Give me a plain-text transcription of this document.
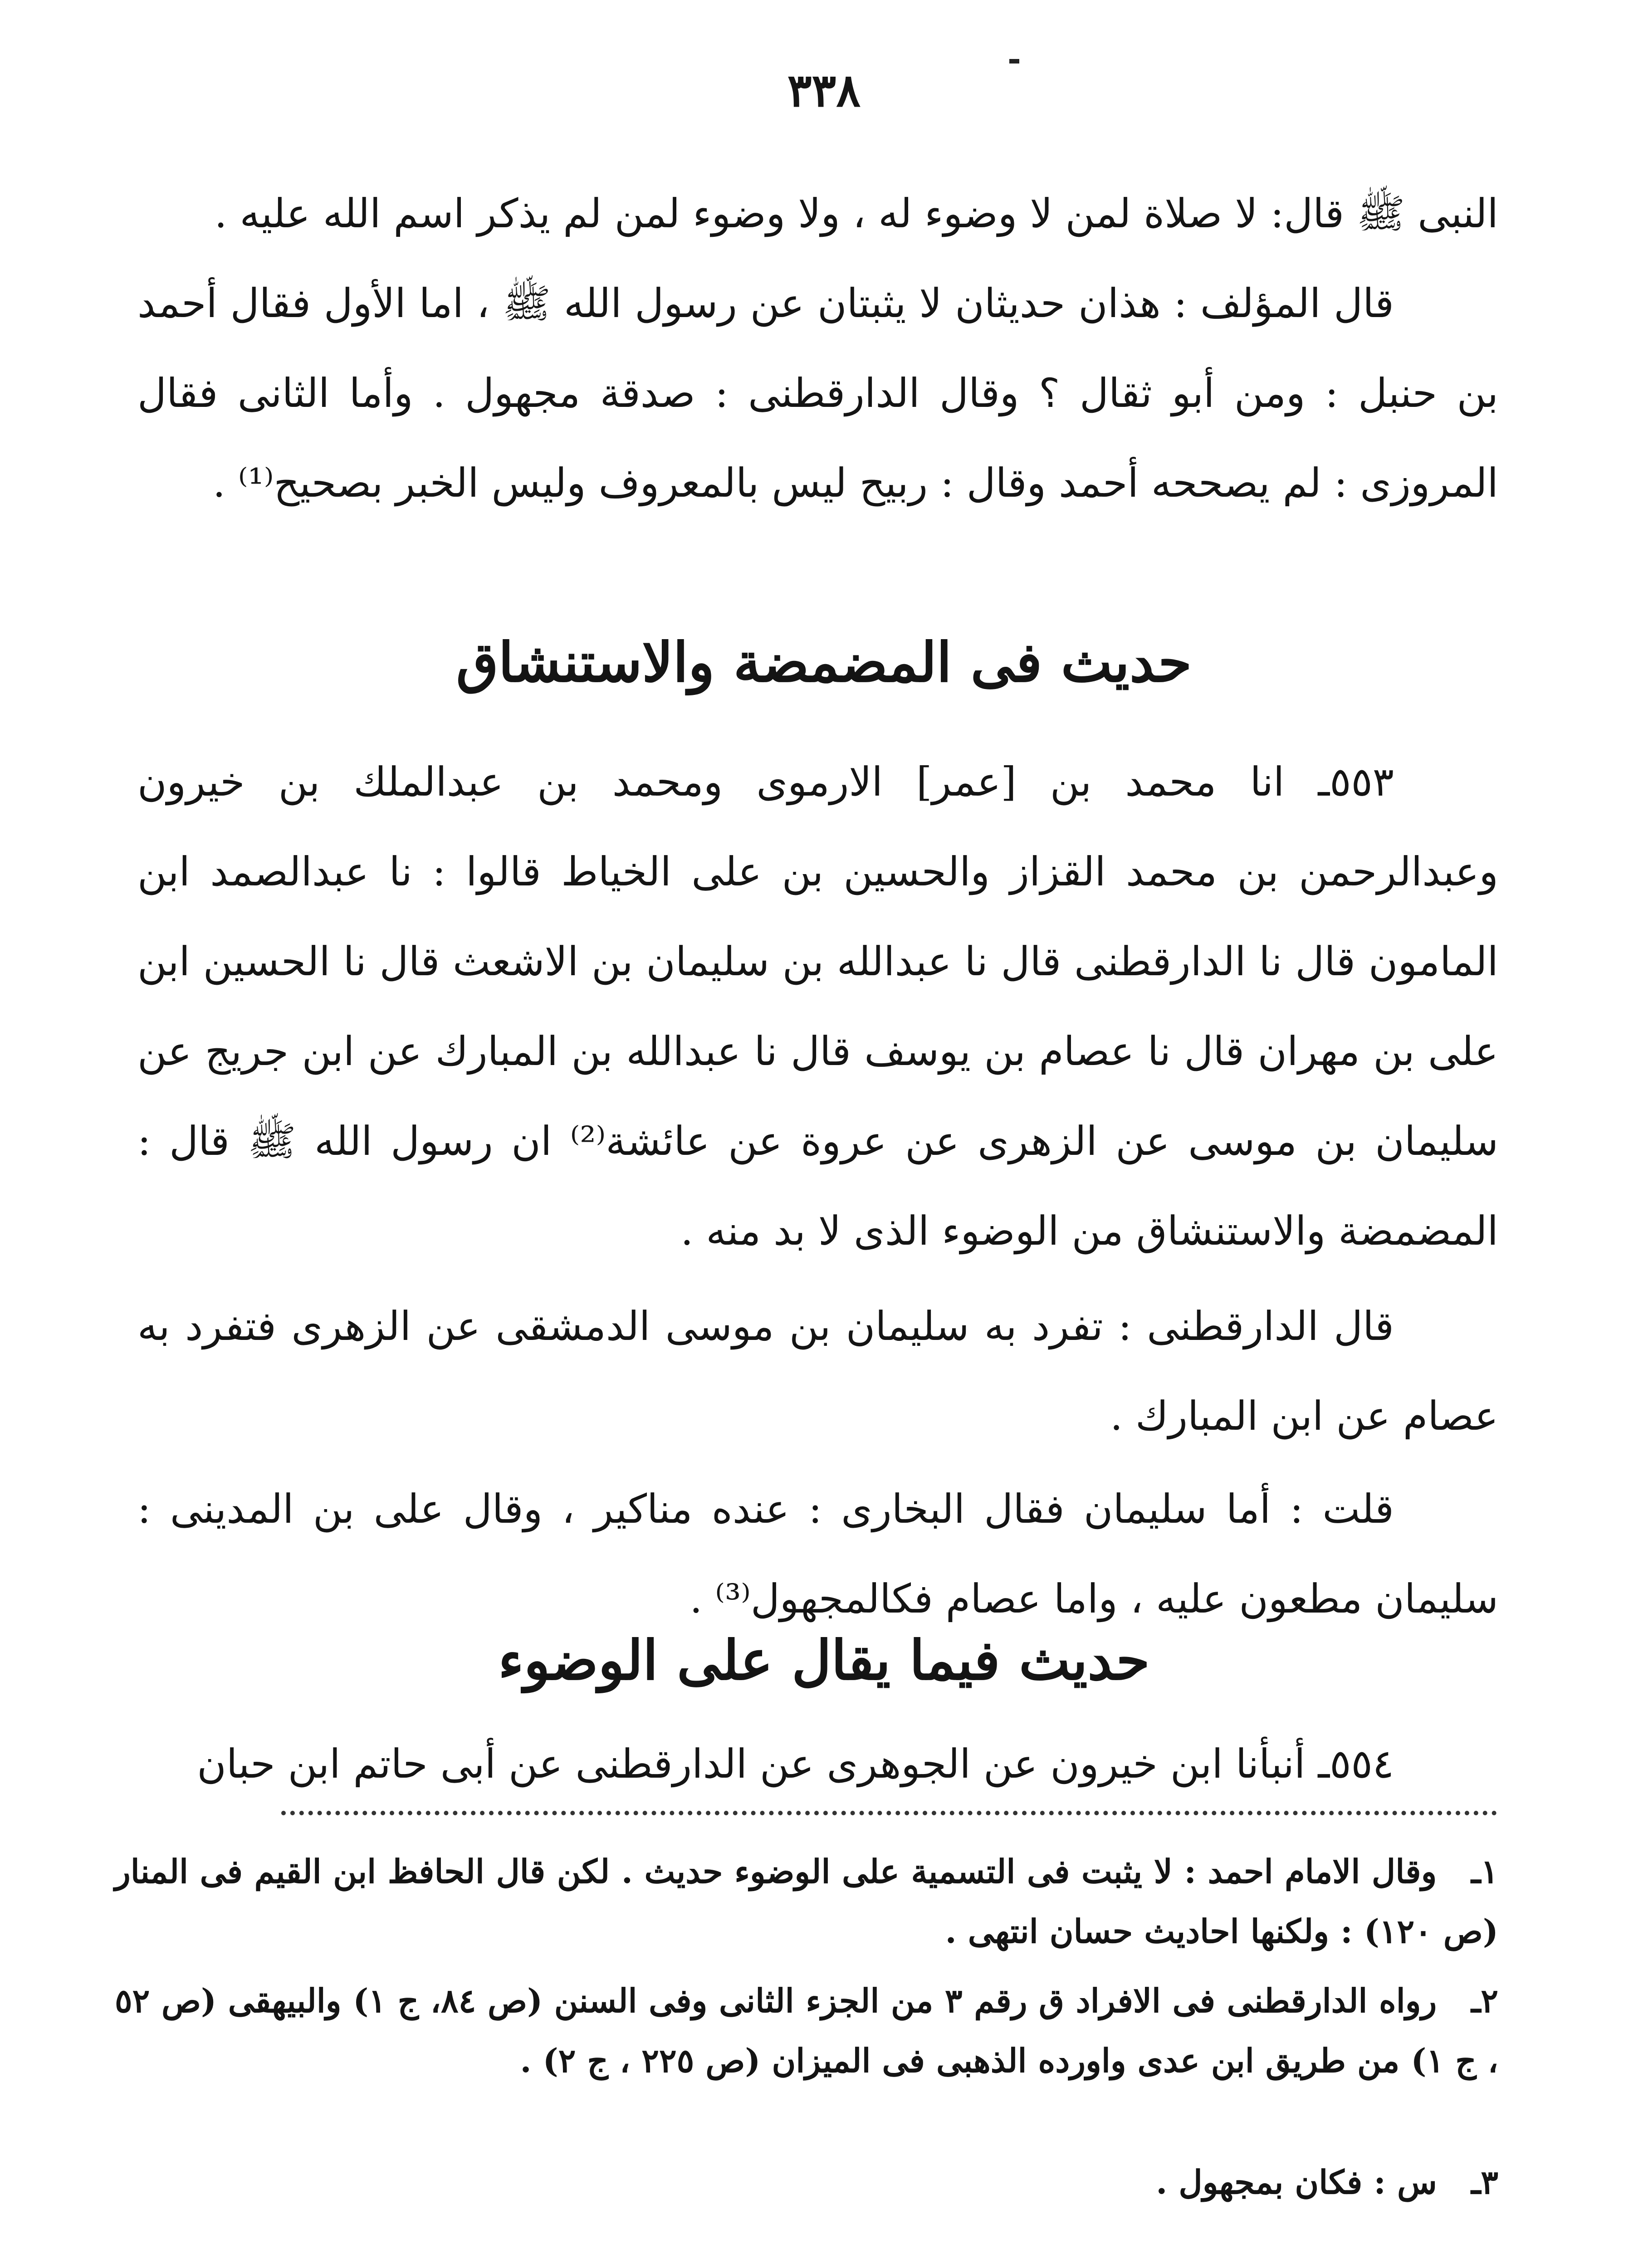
٣٣٨

النبى ﷺ قال: لا صلاة لمن لا وضوء له ، ولا وضوء لمن لم يذكر اسم الله عليه .

قال المؤلف : هذان حديثان لا يثبتان عن رسول الله ﷺ ، اما الأول فقال أحمد بن حنبل : ومن أبو ثقال ؟ وقال الدارقطنى : صدقة مجهول . وأما الثانى فقال المروزى : لم يصححه أحمد وقال : ربيح ليس بالمعروف وليس الخبر بصحيح⁽¹⁾ .

حديث فى المضمضة والاستنشاق

٥٥٣ـ انا محمد بن [عمر] الارموى ومحمد بن عبدالملك بن خيرون وعبدالرحمن بن محمد القزاز والحسين بن على الخياط قالوا : نا عبدالصمد ابن المامون قال نا الدارقطنى قال نا عبدالله بن سليمان بن الاشعث قال نا الحسين ابن على بن مهران قال نا عصام بن يوسف قال نا عبدالله بن المبارك عن ابن جريج عن سليمان بن موسى عن الزهرى عن عروة عن عائشة⁽²⁾ ان رسول الله ﷺ قال : المضمضة والاستنشاق من الوضوء الذى لا بد منه .

قال الدارقطنى : تفرد به سليمان بن موسى الدمشقى عن الزهرى فتفرد به عصام عن ابن المبارك .

قلت : أما سليمان فقال البخارى : عنده مناكير ، وقال على بن المدينى : سليمان مطعون عليه ، واما عصام فكالمجهول⁽³⁾ .

حديث فيما يقال على الوضوء

٥٥٤ـ أنبأنا ابن خيرون عن الجوهرى عن الدارقطنى عن أبى حاتم ابن حبان

١ـ وقال الامام احمد : لا يثبت فى التسمية على الوضوء حديث . لكن قال الحافظ ابن القيم فى المنار (ص ١٢٠) : ولكنها احاديث حسان انتهى .

٢ـ رواه الدارقطنى فى الافراد ق رقم ٣ من الجزء الثانى وفى السنن (ص ٨٤، ج ١) والبيهقى (ص ٥٢ ، ج ١) من طريق ابن عدى واورده الذهبى فى الميزان (ص ٢٢٥ ، ج ٢) .

٣ـ س : فكان بمجهول .
